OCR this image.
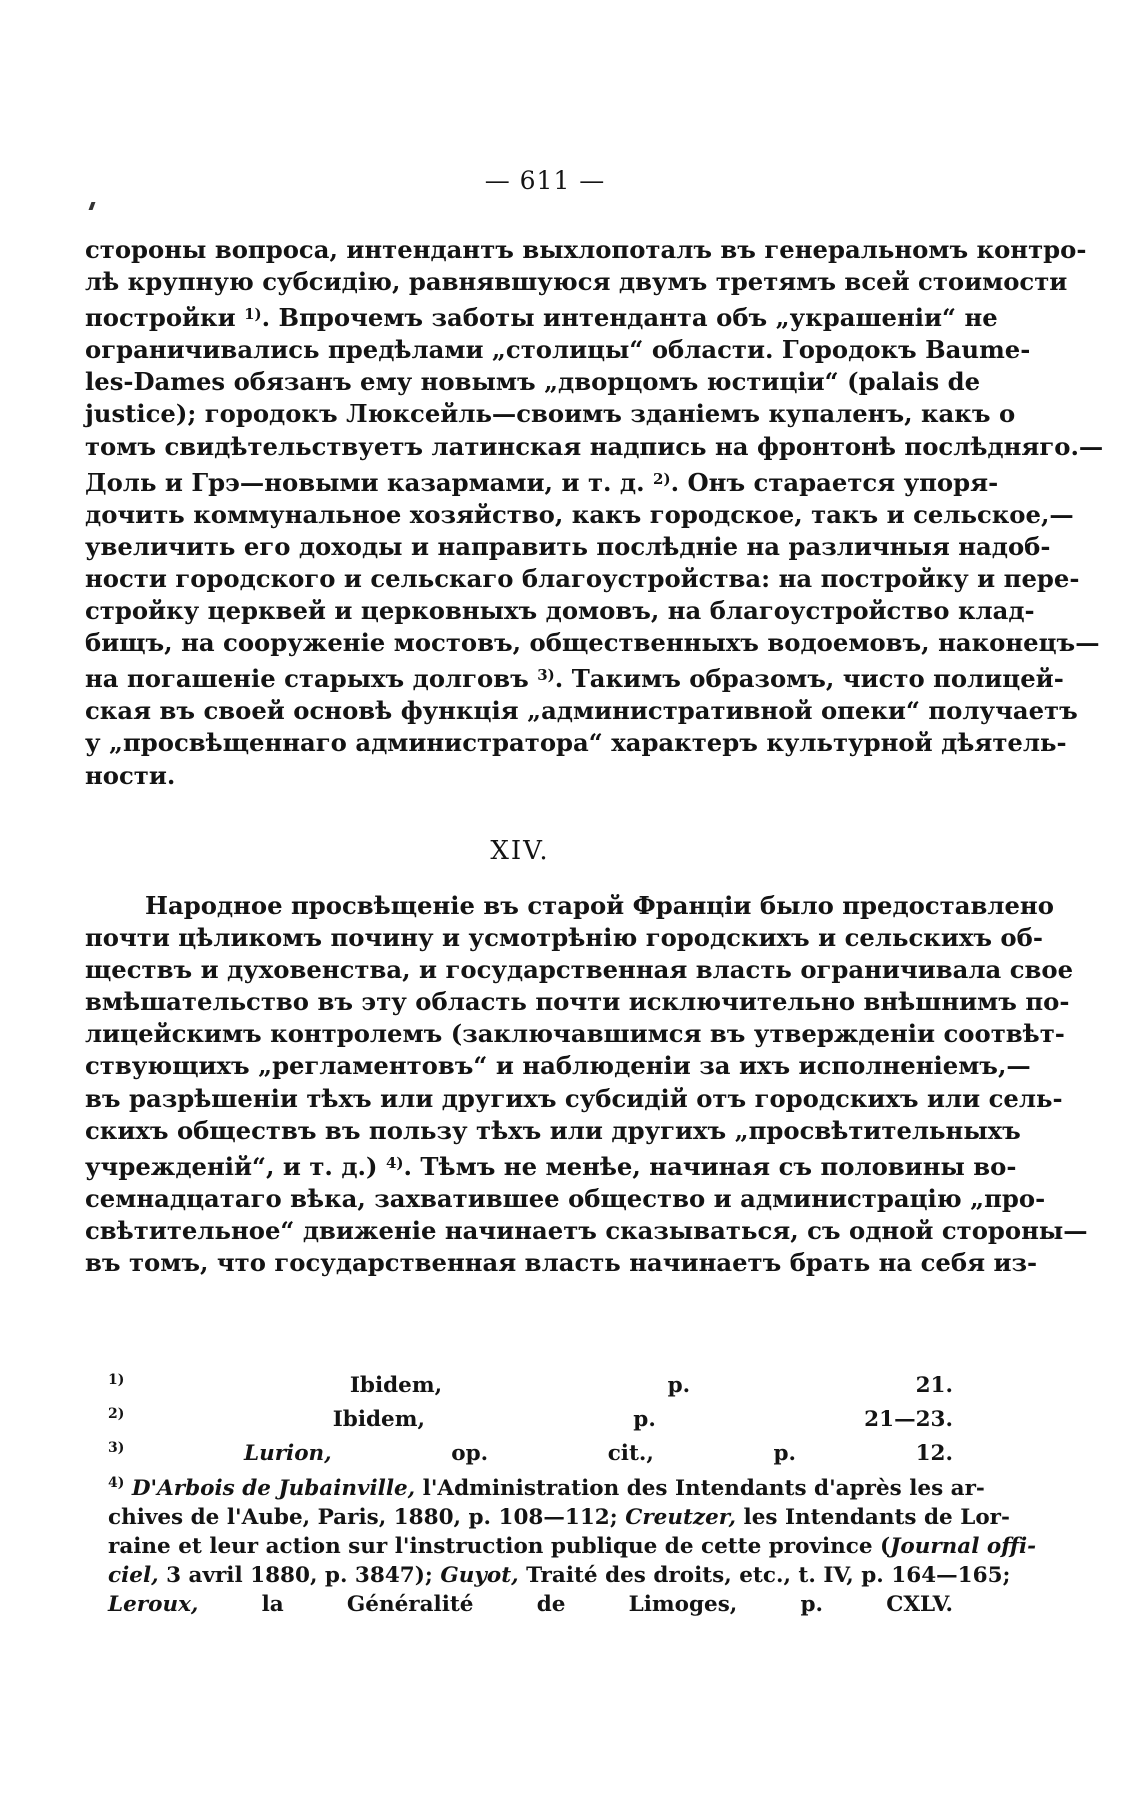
— 611 —
стороны вопроса, интендантъ выхлопоталъ въ генеральномъ контро-
лѣ крупную субсидію, равнявшуюся двумъ третямъ всей стоимости
постройки $^{1)}$. Впрочемъ заботы интенданта объ „украшеніи“ не
ограничивались предѣлами „столицы“ области. Городокъ Baume-
les-Dames обязанъ ему новымъ „дворцомъ юстиціи“ (palais de
justice); городокъ Люксейль—своимъ зданіемъ купаленъ, какъ о
томъ свидѣтельствуетъ латинская надпись на фронтонѣ послѣдняго.—
Доль и Грэ—новыми казармами, и т. д. $^{2)}$. Онъ старается упоря-
дочить коммунальное хозяйство, какъ городское, такъ и сельское,—
увеличить его доходы и направить послѣдніе на различныя надоб-
ности городского и сельскаго благоустройства: на постройку и пере-
стройку церквей и церковныхъ домовъ, на благоустройство клад-
бищъ, на сооруженіе мостовъ, общественныхъ водоемовъ, наконецъ—
на погашеніе старыхъ долговъ $^{3)}$. Такимъ образомъ, чисто полицей-
ская въ своей основѣ функція „административной опеки“ получаетъ
у „просвѣщеннаго администратора“ характеръ культурной дѣятель-
ности.
XIV.
Народное просвѣщеніе въ старой Франціи было предоставлено
почти цѣликомъ почину и усмотрѣнію городскихъ и сельскихъ об-
ществъ и духовенства, и государственная власть ограничивала свое
вмѣшательство въ эту область почти исключительно внѣшнимъ по-
лицейскимъ контролемъ (заключавшимся въ утвержденіи соотвѣт-
ствующихъ „регламентовъ“ и наблюденіи за ихъ исполненіемъ,—
въ разрѣшеніи тѣхъ или другихъ субсидій отъ городскихъ или сель-
скихъ обществъ въ пользу тѣхъ или другихъ „просвѣтительныхъ
учрежденій“, и т. д.) $^{4)}$. Тѣмъ не менѣе, начиная съ половины во-
семнадцатаго вѣка, захватившее общество и администрацію „про-
свѣтительное“ движеніе начинаетъ сказываться, съ одной стороны—
въ томъ, что государственная власть начинаетъ брать на себя из-
$^{1)}$	Ibidem, p. 21.
$^{2)}$	Ibidem, p. 21—23.
$^{3)}$	Lurion,	op. cit., p. 12.
$^{4)}$ D'Arbois de Jubainville, l'Administration des Intendants d'après les ar-
chives de l'Aube, Paris, 1880, p. 108—112; Creutzer, les Intendants de Lor-
raine et leur action sur l'instruction publique de cette province (Journal offi-
ciel, 3 avril 1880, p. 3847); Guyot, Traité des droits, etc., t. IV, p. 164—165;
Leroux,	la Généralité de Limoges, p. CXLV.
